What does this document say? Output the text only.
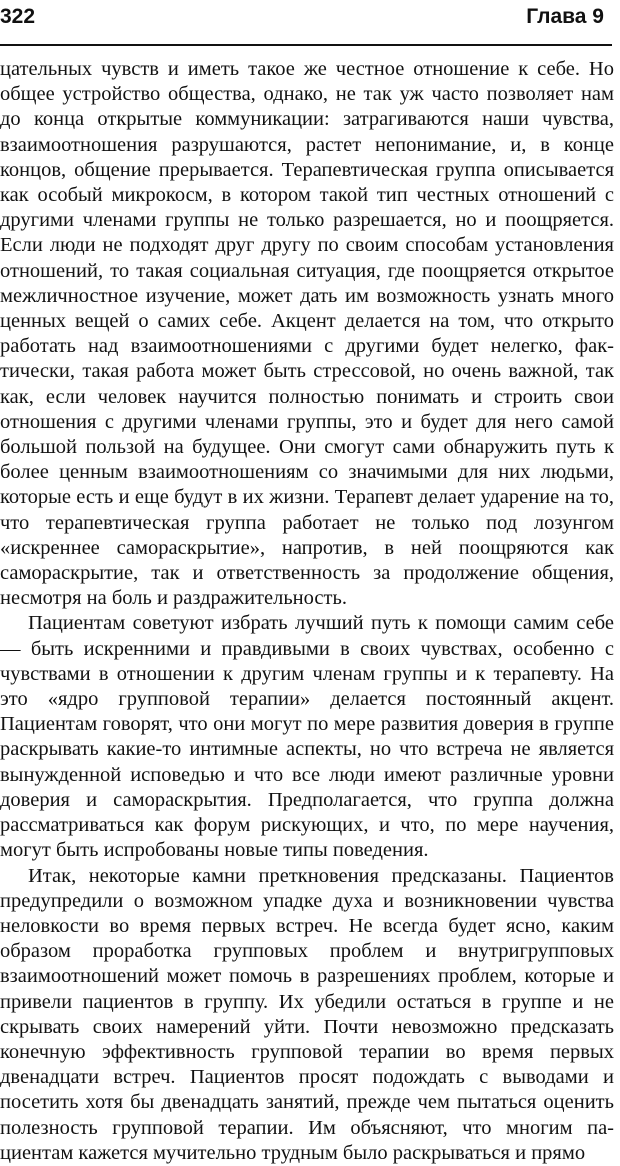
322	Глава 9

цательных чувств и иметь такое же честное отношение к себе. Но общее устройство общества, однако, не так уж часто позволяет нам до конца открытые коммуникации: затрагиваются наши чувства, взаимоотношения разрушаются, растет непонимание, и, в конце концов, общение прерывается. Терапевтическая группа описывается как особый микрокосм, в котором такой тип честных отношений с другими членами группы не только разрешается, но и поощряется. Если люди не подходят друг другу по своим способам установления отношений, то такая социальная ситуация, где поощряется открытое межличностное изучение, может дать им возможность узнать много ценных вещей о самих себе. Акцент делается на том, что открыто работать над взаимоотношениями с другими будет нелегко, фактически, такая работа может быть стрессовой, но очень важной, так как, если человек научится полностью понимать и строить свои отношения с другими членами группы, это и будет для него самой большой пользой на будущее. Они смогут сами обнаружить путь к более ценным взаимоотношениям со значимыми для них людьми, которые есть и еще будут в их жизни. Терапевт делает ударение на то, что терапевтическая группа работает не только под лозунгом «искреннее самораскрытие», напротив, в ней поощряются как самораскрытие, так и ответственность за продолжение общения, несмотря на боль и раздражительность.

Пациентам советуют избрать лучший путь к помощи самим себе — быть искренними и правдивыми в своих чувствах, особенно с чувствами в отношении к другим членам группы и к терапевту. На это «ядро групповой терапии» делается постоянный акцент. Пациентам говорят, что они могут по мере развития доверия в группе раскрывать какие-то интимные аспекты, но что встреча не является вынужденной исповедью и что все люди имеют различные уровни доверия и самораскрытия. Предполагается, что группа должна рассматриваться как форум рискующих, и что, по мере научения, могут быть испробованы новые типы поведения.

Итак, некоторые камни преткновения предсказаны. Пациентов предупредили о возможном упадке духа и возникновении чувства неловкости во время первых встреч. Не всегда будет ясно, каким образом проработка групповых проблем и внутригрупповых взаимоотношений может помочь в разрешениях проблем, которые и привели пациентов в группу. Их убедили остаться в группе и не скрывать своих намерений уйти. Почти невозможно предсказать конечную эффективность групповой терапии во время первых двенадцати встреч. Пациентов просят подождать с выводами и посетить хотя бы двенадцать занятий, прежде чем пытаться оценить полезность групповой терапии. Им объясняют, что многим пациентам кажется мучительно трудным было раскрываться и прямо
